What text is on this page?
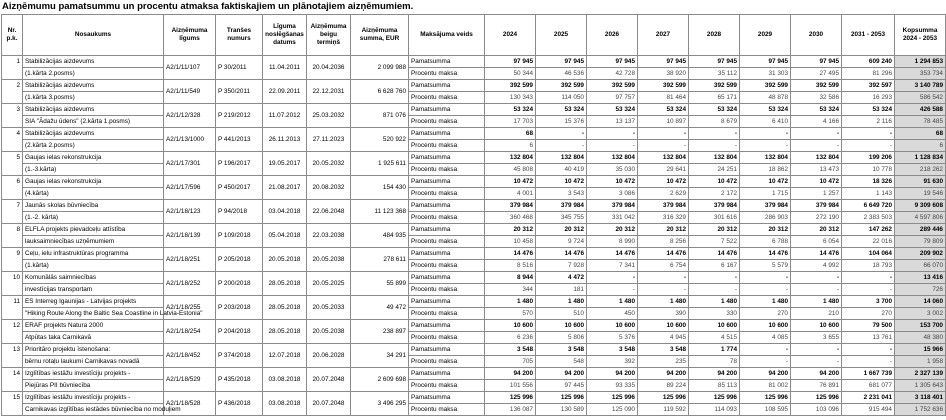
Aizņēmumu pamatsummu un procentu atmaksa faktiskajiem un plānotajiem aizņēmumiem.
Nr. p.k.	Nosaukums	Aizņēmuma līgums	Tranšes numurs	Līguma noslēgšanas datums	Aizņēmuma beigu termiņš	Aizņēmuma summa, EUR	Maksājuma veids	2024	2025	2026	2027	2028	2029	2030	2031 - 2053	Kopsumma 2024 - 2053
1	Stabilizācijas aizdevums	A2/1/11/107	P 30/2011	11.04.2011	20.04.2036	2 099 988	Pamatsumma	97 945	97 945	97 945	97 945	97 945	97 945	97 945	609 240	1 294 853
	(1.kārta 2.posms)						Procentu maksa	50 344	46 536	42 728	38 920	35 112	31 303	27 495	81 296	353 734
2	Stabilizācijas aizdevums	A2/1/11/549	P 350/2011	22.09.2011	22.12.2031	6 628 760	Pamatsumma	392 599	392 599	392 599	392 599	392 599	392 599	392 599	392 597	3 140 789
	(1.kārta 3.posms)						Procentu maksa	130 343	114 050	97 757	81 464	65 171	48 878	32 586	16 293	586 542
3	Stabilizācijas aizdevums	A2/1/12/328	P 219/2012	11.07.2012	25.03.2032	871 076	Pamatsumma	53 324	53 324	53 324	53 324	53 324	53 324	53 324	53 324	426 588
	SIA "Ādažu ūdens" (2.kārta 1.posms)						Procentu maksa	17 703	15 376	13 137	10 897	8 679	6 410	4 166	2 116	78 485
4	Stabilizācijas aizdevums	A2/1/13/1000	P 441/2013	26.11.2013	27.11.2023	520 922	Pamatsumma	68	-	-	-	-	-	-	-	68
	(2.kārta 2.posms)						Procentu maksa	6	-	-	-	-	-	-	-	6
5	Gaujas ielas rekonstrukcija	A2/1/17/301	P 196/2017	19.05.2017	20.05.2032	1 925 611	Pamatsumma	132 804	132 804	132 804	132 804	132 804	132 804	132 804	199 206	1 128 834
	(1.-3.kārta)						Procentu maksa	45 808	40 419	35 030	29 641	24 251	18 862	13 473	10 778	218 262
6	Gaujas ielas rekonstrukcija	A2/1/17/596	P 450/2017	21.08.2017	20.08.2032	154 430	Pamatsumma	10 472	10 472	10 472	10 472	10 472	10 472	10 472	18 326	91 630
	(4.kārta)						Procentu maksa	4 001	3 543	3 086	2 629	2 172	1 715	1 257	1 143	19 546
7	Jaunās skolas būvniecība	A2/1/18/123	P 94/2018	03.04.2018	22.06.2048	11 123 368	Pamatsumma	379 984	379 984	379 984	379 984	379 984	379 984	379 984	6 649 720	9 309 608
	(1.-2. kārta)						Procentu maksa	360 468	345 755	331 042	316 329	301 616	286 903	272 190	2 383 503	4 597 806
8	ELFLA projekts pievadceļu attīstība	A2/1/18/139	P 109/2018	05.04.2018	22.03.2038	484 935	Pamatsumma	20 312	20 312	20 312	20 312	20 312	20 312	20 312	147 262	289 446
	lauksaimniecības uzņēmumiem						Procentu maksa	10 458	9 724	8 990	8 256	7 522	6 788	6 054	22 016	79 809
9	Ceļu, ielu infrastruktūras programma	A2/1/18/251	P 205/2018	20.05.2018	20.05.2038	278 611	Pamatsumma	14 476	14 476	14 476	14 476	14 476	14 476	14 476	104 064	209 902
	(1.kārta)						Procentu maksa	8 516	7 928	7 341	6 754	6 167	5 579	4 992	18 793	66 070
10	Komunālās saimniecības	A2/1/18/252	P 200/2018	28.05.2018	20.05.2025	55 899	Pamatsumma	8 944	4 472	-	-	-	-	-	-	13 416
	investīcijas transportam						Procentu maksa	344	181	-	-	-	-	-	-	726
11	ES Interreg Igaunijas - Latvijas projekts	A2/1/18/255	P 203/2018	28.05.2018	20.05.2033	49 472	Pamatsumma	1 480	1 480	1 480	1 480	1 480	1 480	1 480	3 700	14 060
	"Hiking Route Along the Baltic Sea Coastline in Latvia-Estonia"						Procentu maksa	570	510	450	390	330	270	210	270	3 002
12	ERAF projekts Natura 2000	A2/1/18/254	P 204/2018	28.05.2018	20.05.2038	238 897	Pamatsumma	10 600	10 600	10 600	10 600	10 600	10 600	10 600	79 500	153 700
	Atpūtas taka Carnikavā						Procentu maksa	6 236	5 806	5 376	4 945	4 515	4 085	3 655	13 761	48 380
13	Prioritāro projektu īstenošana:	A2/1/18/452	P 374/2018	12.07.2018	20.06.2028	34 291	Pamatsumma	3 548	3 548	3 548	3 548	1 774	-	-	-	15 966
	bērnu rotaļu laukumi Carnikavas novadā						Procentu maksa	705	548	392	235	78	-	-	-	1 958
14	Izglītības iestāžu investīciju projekts -	A2/1/18/529	P 435/2018	03.08.2018	20.07.2048	2 609 698	Pamatsumma	94 200	94 200	94 200	94 200	94 200	94 200	94 200	1 667 739	2 327 139
	Piejūras PII būvniecība						Procentu maksa	101 556	97 445	93 335	89 224	85 113	81 002	76 891	681 077	1 305 643
15	Izglītības iestāžu investīciju projekts -	A2/1/18/528	P 436/2018	03.08.2018	20.07.2048	3 496 295	Pamatsumma	125 996	125 996	125 996	125 996	125 996	125 996	125 996	2 231 041	3 118 401
	Carnikavas izglītības iestādes būvniecība no moduļiem						Procentu maksa	136 087	130 589	125 090	119 592	114 093	108 595	103 096	915 494	1 752 636
